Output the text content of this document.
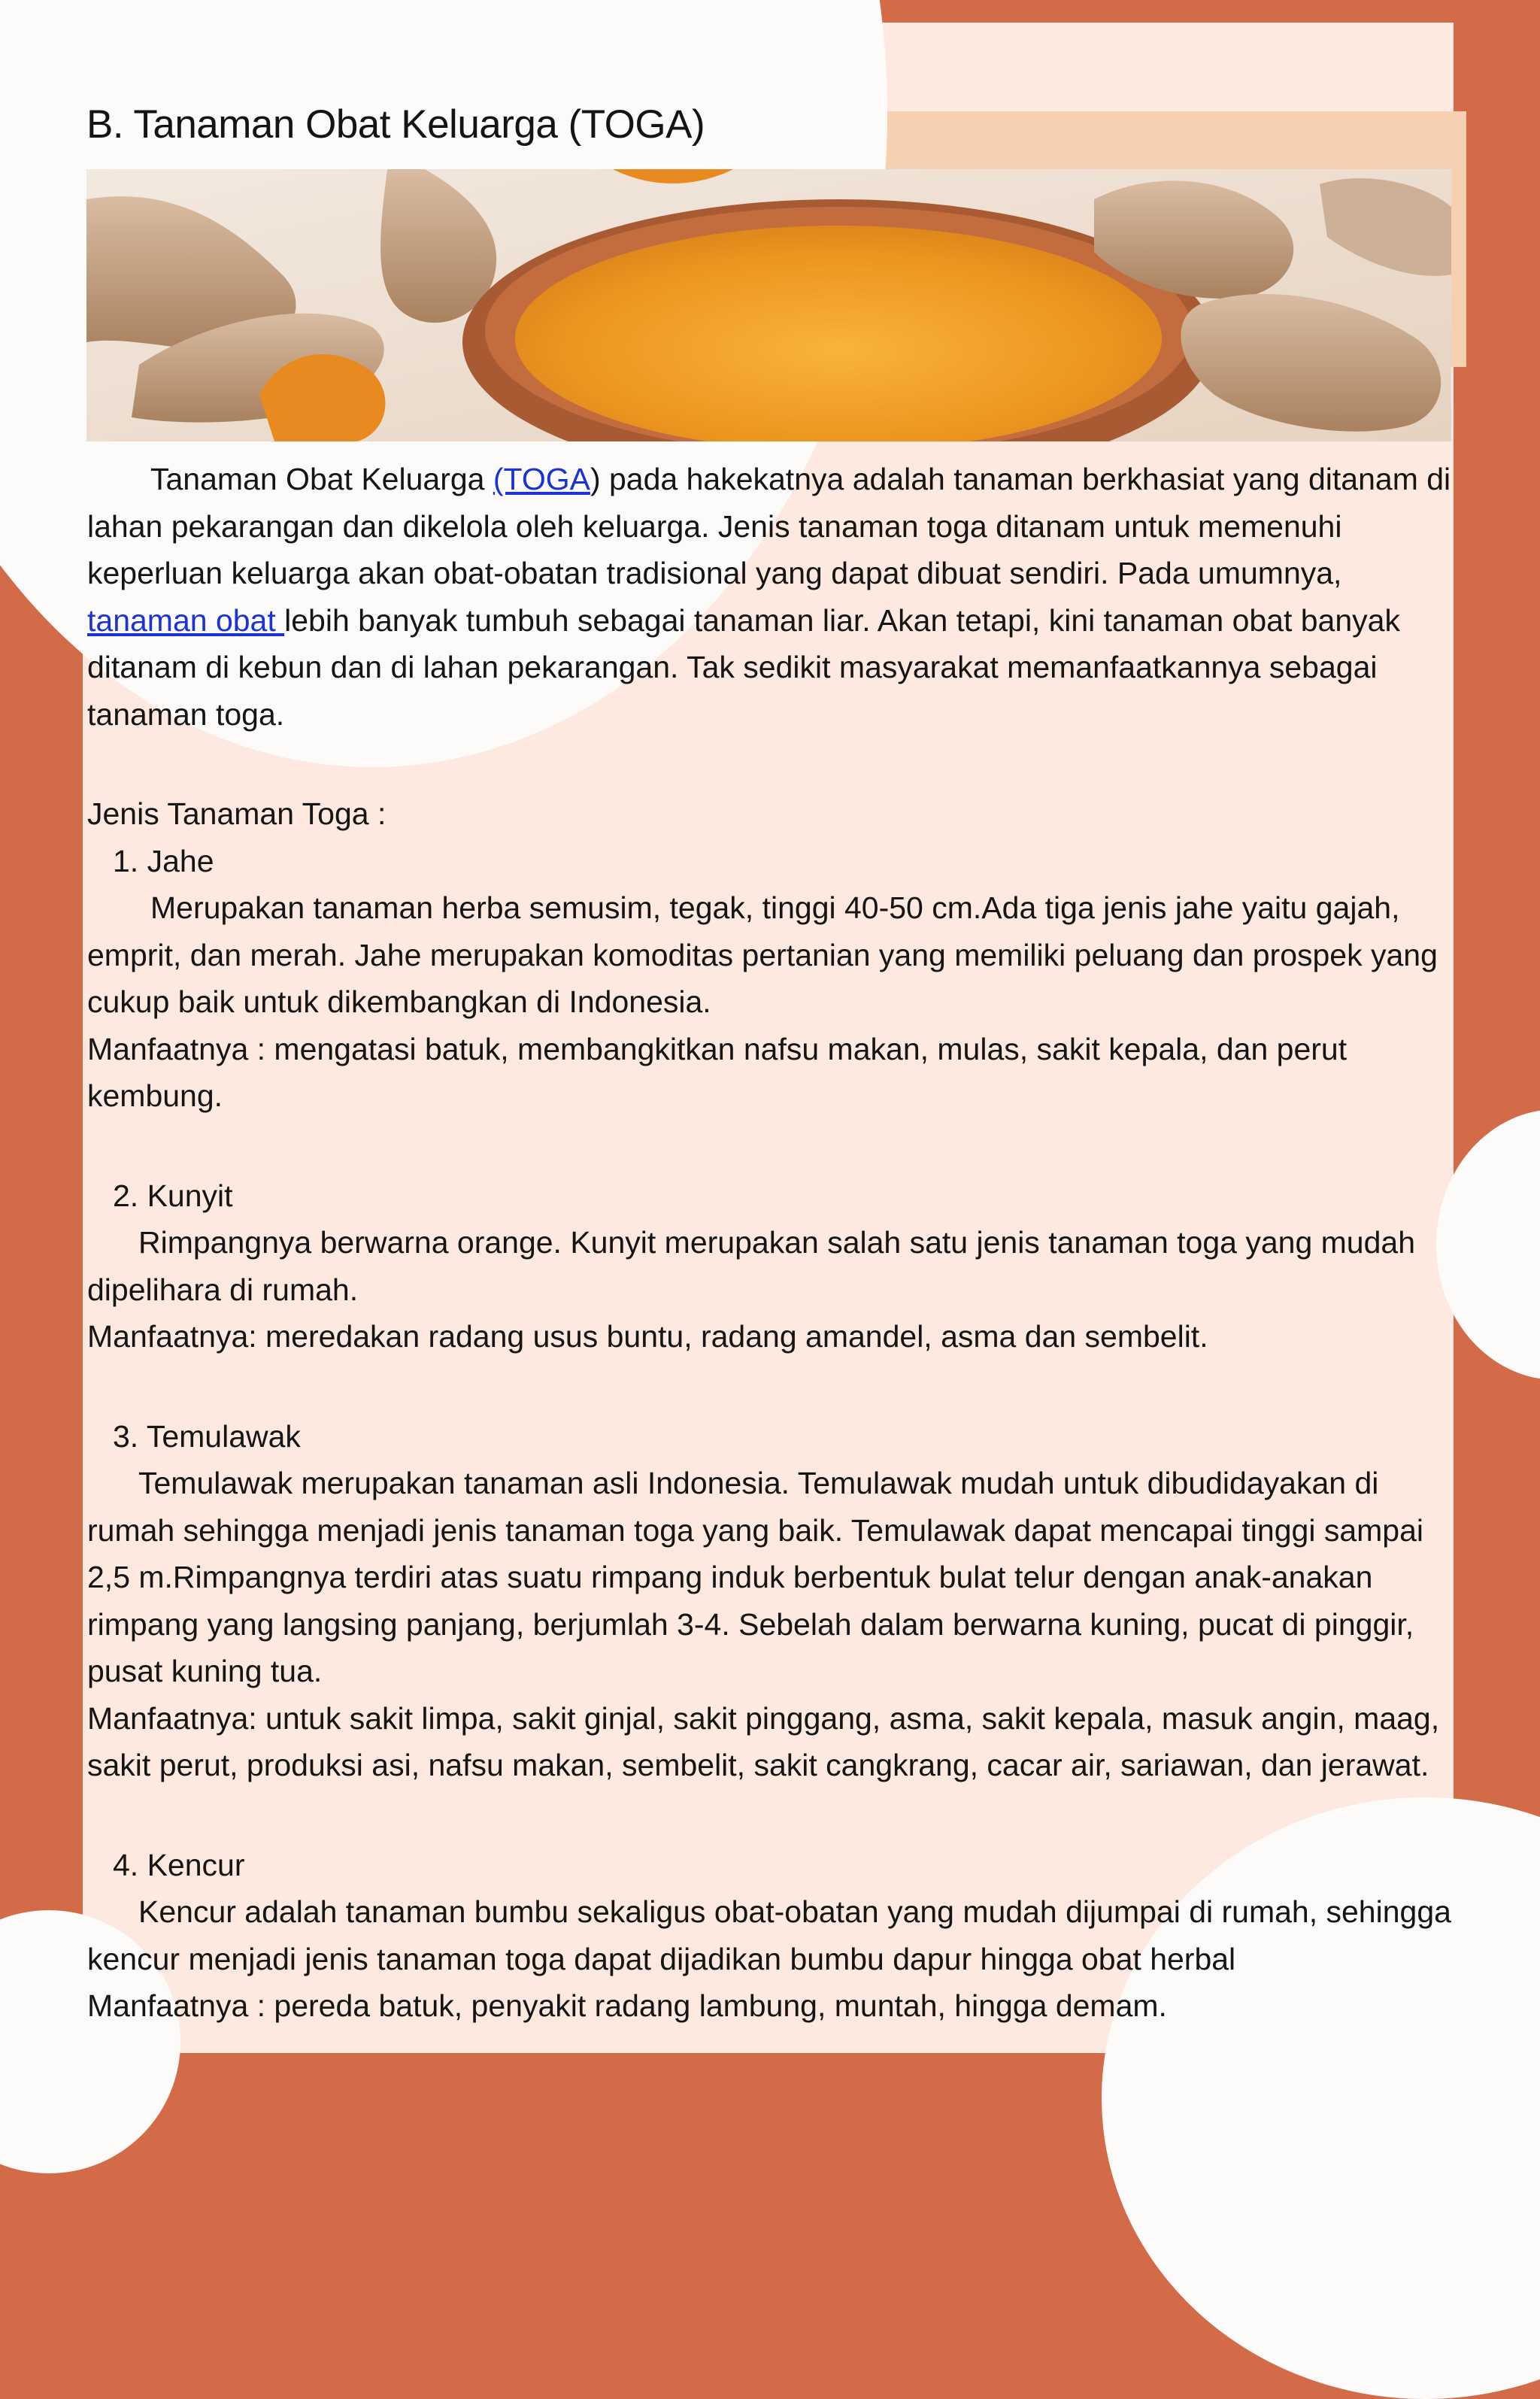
B. Tanaman Obat Keluarga (TOGA)

Tanaman Obat Keluarga (TOGA) pada hakekatnya adalah tanaman berkhasiat yang ditanam di lahan pekarangan dan dikelola oleh keluarga. Jenis tanaman toga ditanam untuk memenuhi keperluan keluarga akan obat-obatan tradisional yang dapat dibuat sendiri. Pada umumnya, tanaman obat lebih banyak tumbuh sebagai tanaman liar. Akan tetapi, kini tanaman obat banyak ditanam di kebun dan di lahan pekarangan. Tak sedikit masyarakat memanfaatkannya sebagai tanaman toga.

Jenis Tanaman Toga :

1. Jahe

Merupakan tanaman herba semusim, tegak, tinggi 40-50 cm.Ada tiga jenis jahe yaitu gajah, emprit, dan merah. Jahe merupakan komoditas pertanian yang memiliki peluang dan prospek yang cukup baik untuk dikembangkan di Indonesia.

Manfaatnya : mengatasi batuk, membangkitkan nafsu makan, mulas, sakit kepala, dan perut kembung.

2. Kunyit

Rimpangnya berwarna orange. Kunyit merupakan salah satu jenis tanaman toga yang mudah dipelihara di rumah.

Manfaatnya: meredakan radang usus buntu, radang amandel, asma dan sembelit.

3. Temulawak

Temulawak merupakan tanaman asli Indonesia. Temulawak mudah untuk dibudidayakan di rumah sehingga menjadi jenis tanaman toga yang baik. Temulawak dapat mencapai tinggi sampai 2,5 m.Rimpangnya terdiri atas suatu rimpang induk berbentuk bulat telur dengan anak-anakan rimpang yang langsing panjang, berjumlah 3-4. Sebelah dalam berwarna kuning, pucat di pinggir, pusat kuning tua.

Manfaatnya: untuk sakit limpa, sakit ginjal, sakit pinggang, asma, sakit kepala, masuk angin, maag, sakit perut, produksi asi, nafsu makan, sembelit, sakit cangkrang, cacar air, sariawan, dan jerawat.

4. Kencur

Kencur adalah tanaman bumbu sekaligus obat-obatan yang mudah dijumpai di rumah, sehingga kencur menjadi jenis tanaman toga dapat dijadikan bumbu dapur hingga obat herbal

Manfaatnya : pereda batuk, penyakit radang lambung, muntah, hingga demam.
